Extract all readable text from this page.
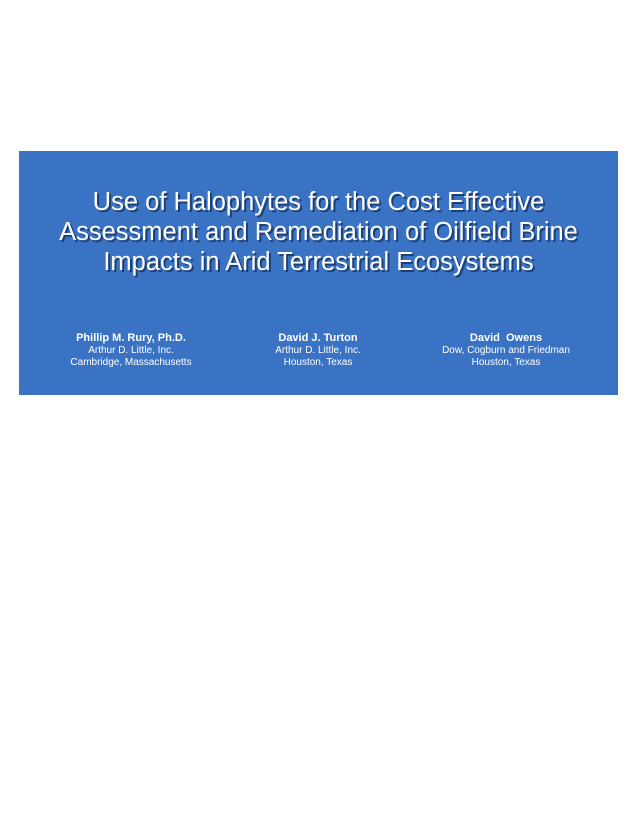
Use of Halophytes for the Cost Effective
Assessment and Remediation of Oilfield Brine
Impacts in Arid Terrestrial Ecosystems
Phillip M. Rury, Ph.D.
Arthur D. Little, Inc.
Cambridge, Massachusetts
David J. Turton
Arthur D. Little, Inc.
Houston, Texas
David  Owens
Dow, Cogburn and Friedman
Houston, Texas
